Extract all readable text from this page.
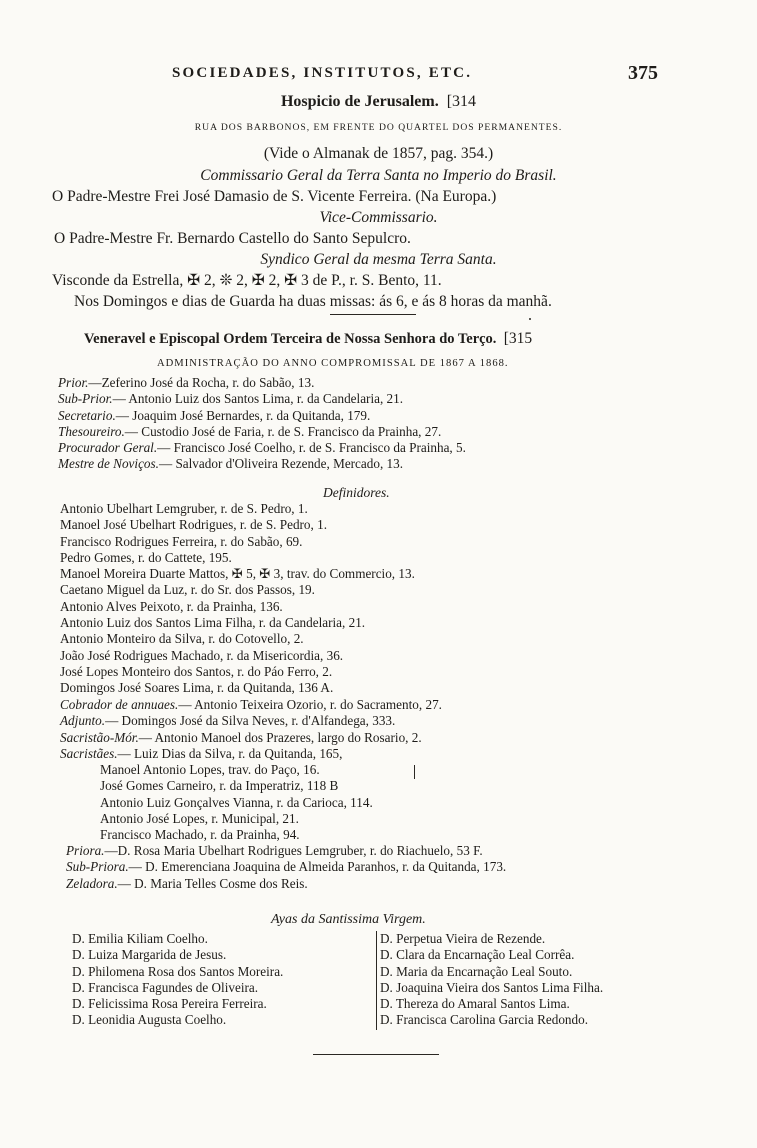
SOCIEDADES, INSTITUTOS, ETC.	375
Hospicio de Jerusalem. [314
RUA DOS BARBONOS, EM FRENTE DO QUARTEL DOS PERMANENTES.
(Vide o Almanak de 1857, pag. 354.)
Commissario Geral da Terra Santa no Imperio do Brasil.
O Padre-Mestre Frei José Damasio de S. Vicente Ferreira. (Na Europa.)
Vice-Commissario.
O Padre-Mestre Fr. Bernardo Castello do Santo Sepulcro.
Syndico Geral da mesma Terra Santa.
Visconde da Estrella, ✠ 2, ❊ 2, ✠ 2, ✠ 3 de P., r. S. Bento, 11.
Nos Domingos e dias de Guarda ha duas missas: ás 6, e ás 8 horas da manhã.
Veneravel e Episcopal Ordem Terceira de Nossa Senhora do Terço. [315
ADMINISTRAÇÃO DO ANNO COMPROMISSAL DE 1867 A 1868.
Prior.—Zeferino José da Rocha, r. do Sabão, 13.
Sub-Prior.— Antonio Luiz dos Santos Lima, r. da Candelaria, 21.
Secretario.— Joaquim José Bernardes, r. da Quitanda, 179.
Thesoureiro.— Custodio José de Faria, r. de S. Francisco da Prainha, 27.
Procurador Geral.— Francisco José Coelho, r. de S. Francisco da Prainha, 5.
Mestre de Noviços.— Salvador d'Oliveira Rezende, Mercado, 13.
Definidores.
Antonio Ubelhart Lemgruber, r. de S. Pedro, 1.
Manoel José Ubelhart Rodrigues, r. de S. Pedro, 1.
Francisco Rodrigues Ferreira, r. do Sabão, 69.
Pedro Gomes, r. do Cattete, 195.
Manoel Moreira Duarte Mattos, ✠ 5, ✠ 3, trav. do Commercio, 13.
Caetano Miguel da Luz, r. do Sr. dos Passos, 19.
Antonio Alves Peixoto, r. da Prainha, 136.
Antonio Luiz dos Santos Lima Filha, r. da Candelaria, 21.
Antonio Monteiro da Silva, r. do Cotovello, 2.
João José Rodrigues Machado, r. da Misericordia, 36.
José Lopes Monteiro dos Santos, r. do Páo Ferro, 2.
Domingos José Soares Lima, r. da Quitanda, 136 A.
Cobrador de annuaes.— Antonio Teixeira Ozorio, r. do Sacramento, 27.
Adjunto.— Domingos José da Silva Neves, r. d'Alfandega, 333.
Sacristão-Mór.— Antonio Manoel dos Prazeres, largo do Rosario, 2.
Sacristães.— Luiz Dias da Silva, r. da Quitanda, 165,
Manoel Antonio Lopes, trav. do Paço, 16.
José Gomes Carneiro, r. da Imperatriz, 118 B
Antonio Luiz Gonçalves Vianna, r. da Carioca, 114.
Antonio José Lopes, r. Municipal, 21.
Francisco Machado, r. da Prainha, 94.
Priora.—D. Rosa Maria Ubelhart Rodrigues Lemgruber, r. do Riachuelo, 53 F.
Sub-Priora.— D. Emerenciana Joaquina de Almeida Paranhos, r. da Quitanda, 173.
Zeladora.— D. Maria Telles Cosme dos Reis.
Ayas da Santissima Virgem.
D. Emilia Kiliam Coelho.
D. Luiza Margarida de Jesus.
D. Philomena Rosa dos Santos Moreira.
D. Francisca Fagundes de Oliveira.
D. Felicissima Rosa Pereira Ferreira.
D. Leonidia Augusta Coelho.
D. Perpetua Vieira de Rezende.
D. Clara da Encarnação Leal Corrêa.
D. Maria da Encarnação Leal Souto.
D. Joaquina Vieira dos Santos Lima Filha.
D. Thereza do Amaral Santos Lima.
D. Francisca Carolina Garcia Redondo.
